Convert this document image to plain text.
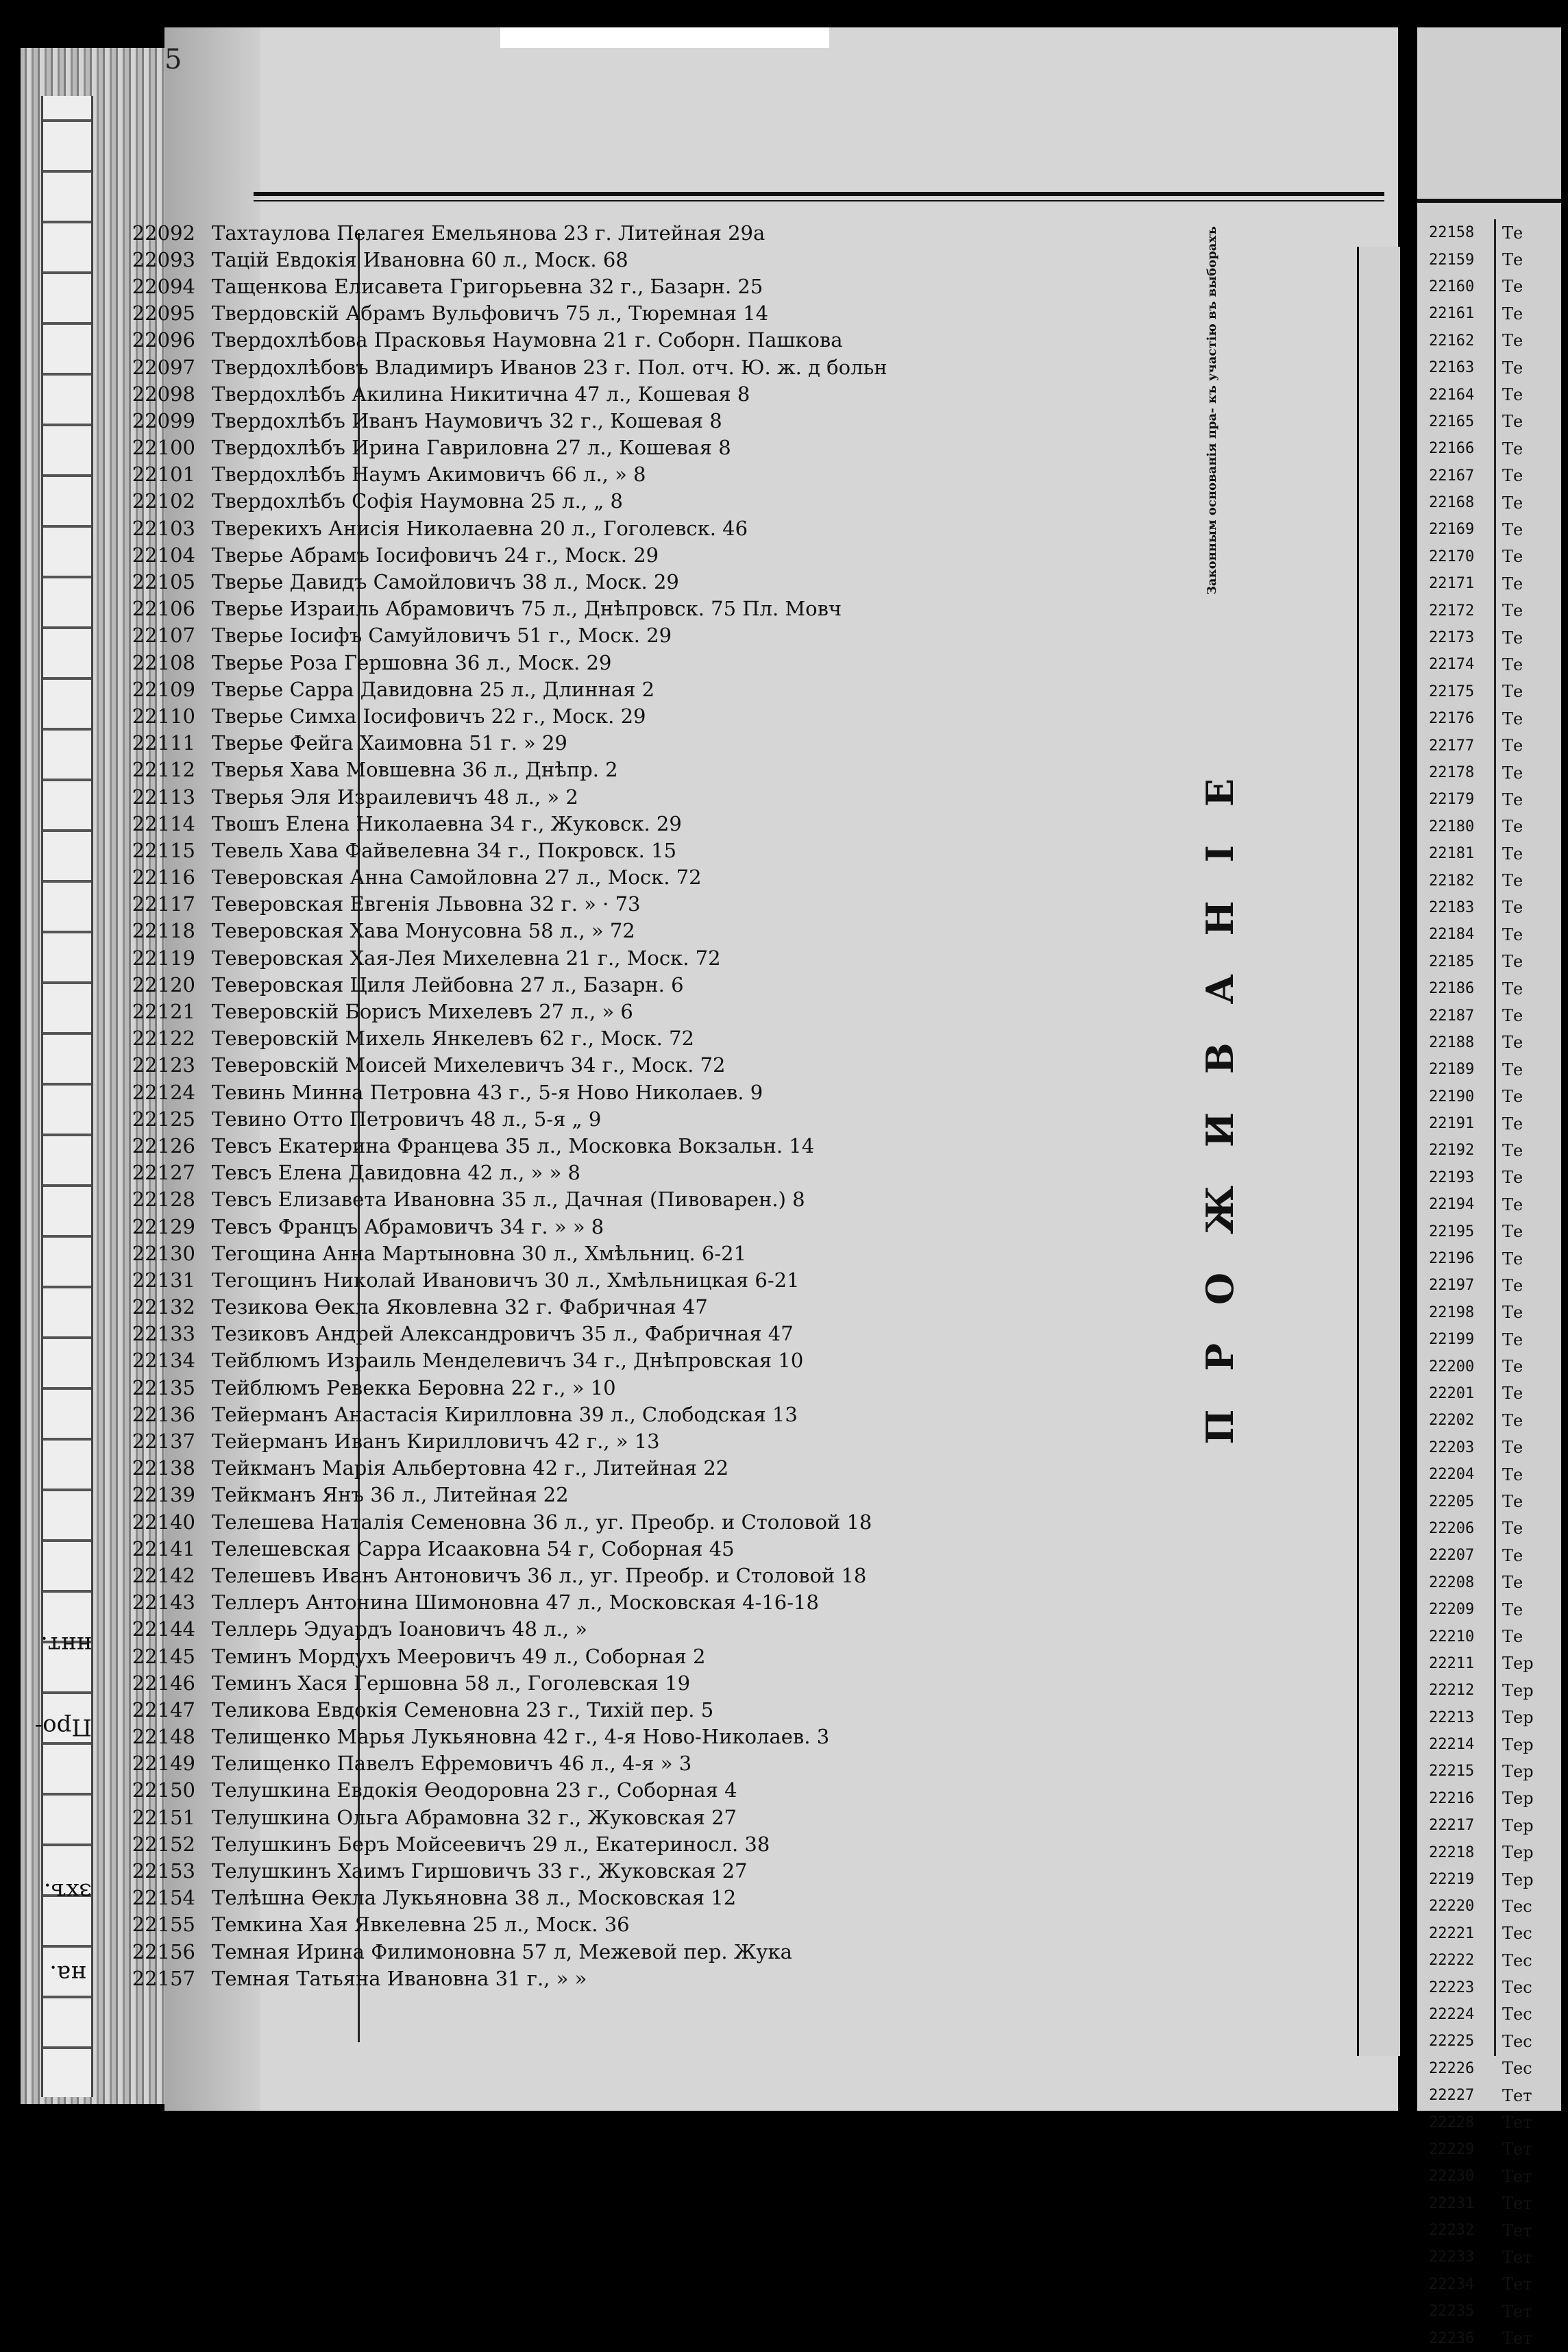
ннт.
Про-
зхъ.
на.
5
Законным основанія пра- къ участію въ выборахъ
ПРОЖИВАНІЕ
22092 Тахтаулова Пелагея Емельянова 23 г. Литейная 29а
22093 Тацій Евдокія Ивановна 60 л., Моск. 68
22094 Тащенкова Елисавета Григорьевна 32 г., Базарн. 25
22095 Твердовскій Абрамъ Вульфовичъ 75 л., Тюремная 14
22096 Твердохлѣбова Прасковья Наумовна 21 г. Соборн. Пашкова
22097 Твердохлѣбовъ Владимиръ Иванов 23 г. Пол. отч. Ю. ж. д больн
22098 Твердохлѣбъ Акилина Никитична 47 л., Кошевая 8
22099 Твердохлѣбъ Иванъ Наумовичъ 32 г., Кошевая 8
22100 Твердохлѣбъ Ирина Гавриловна 27 л., Кошевая 8
22101 Твердохлѣбъ Наумъ Акимовичъ 66 л., » 8
22102 Твердохлѣбъ Софія Наумовна 25 л., „ 8
22103 Тверекихъ Анисія Николаевна 20 л., Гоголевск. 46
22104 Тверье Абрамъ Іосифовичъ 24 г., Моск. 29
22105 Тверье Давидъ Самойловичъ 38 л., Моск. 29
22106 Тверье Израиль Абрамовичъ 75 л., Днѣпровск. 75 Пл. Мовч
22107 Тверье Іосифъ Самуйловичъ 51 г., Моск. 29
22108 Тверье Роза Гершовна 36 л., Моск. 29
22109 Тверье Сарра Давидовна 25 л., Длинная 2
22110 Тверье Симха Іосифовичъ 22 г., Моск. 29
22111 Тверье Фейга Хаимовна 51 г. » 29
22112 Тверья Хава Мовшевна 36 л., Днѣпр. 2
22113 Тверья Эля Израилевичъ 48 л., » 2
22114 Твошъ Елена Николаевна 34 г., Жуковск. 29
22115 Тевель Хава Файвелевна 34 г., Покровск. 15
22116 Теверовская Анна Самойловна 27 л., Моск. 72
22117 Теверовская Евгенія Львовна 32 г. » · 73
22118 Теверовская Хава Монусовна 58 л., » 72
22119 Теверовская Хая-Лея Михелевна 21 г., Моск. 72
22120 Теверовская Циля Лейбовна 27 л., Базарн. 6
22121 Теверовскій Борисъ Михелевъ 27 л., » 6
22122 Теверовскій Михель Янкелевъ 62 г., Моск. 72
22123 Теверовскій Моисей Михелевичъ 34 г., Моск. 72
22124 Тевинь Минна Петровна 43 г., 5-я Ново Николаев. 9
22125 Тевино Отто Петровичъ 48 л., 5-я „ 9
22126 Тевсъ Екатерина Францева 35 л., Московка Вокзальн. 14
22127 Тевсъ Елена Давидовна 42 л., » » 8
22128 Тевсъ Елизавета Ивановна 35 л., Дачная (Пивоварен.) 8
22129 Тевсъ Францъ Абрамовичъ 34 г. » » 8
22130 Тегощина Анна Мартыновна 30 л., Хмѣльниц. 6-21
22131 Тегощинъ Николай Ивановичъ 30 л., Хмѣльницкая 6-21
22132 Тезикова Ѳекла Яковлевна 32 г. Фабричная 47
22133 Тезиковъ Андрей Александровичъ 35 л., Фабричная 47
22134 Тейблюмъ Израиль Менделевичъ 34 г., Днѣпровская 10
22135 Тейблюмъ Ревекка Беровна 22 г., » 10
22136 Тейерманъ Анастасія Кирилловна 39 л., Слободская 13
22137 Тейерманъ Иванъ Кирилловичъ 42 г., » 13
22138 Тейкманъ Марія Альбертовна 42 г., Литейная 22
22139 Тейкманъ Янъ 36 л., Литейная 22
22140 Телешева Наталія Семеновна 36 л., уг. Преобр. и Столовой 18
22141 Телешевская Сарра Исааковна 54 г, Соборная 45
22142 Телешевъ Иванъ Антоновичъ 36 л., уг. Преобр. и Столовой 18
22143 Теллеръ Антонина Шимоновна 47 л., Московская 4-16-18
22144 Теллерь Эдуардъ Іоановичъ 48 л., »
22145 Теминъ Мордухъ Мееровичъ 49 л., Соборная 2
22146 Теминъ Хася Гершовна 58 л., Гоголевская 19
22147 Теликова Евдокія Семеновна 23 г., Тихій пер. 5
22148 Телищенко Марья Лукьяновна 42 г., 4-я Ново-Николаев. 3
22149 Телищенко Павелъ Ефремовичъ 46 л., 4-я » 3
22150 Телушкина Евдокія Ѳеодоровна 23 г., Соборная 4
22151 Телушкина Ольга Абрамовна 32 г., Жуковская 27
22152 Телушкинъ Беръ Мойсеевичъ 29 л., Екатериносл. 38
22153 Телушкинъ Хаимъ Гиршовичъ 33 г., Жуковская 27
22154 Телѣшна Ѳекла Лукьяновна 38 л., Московская 12
22155 Темкина Хая Явкелевна 25 л., Моск. 36
22156 Темная Ирина Филимоновна 57 л, Межевой пер. Жука
22157 Темная Татьяна Ивановна 31 г., » »
22158	Те
22159	Те
22160	Те
22161	Те
22162	Те
22163	Те
22164	Те
22165	Те
22166	Те
22167	Те
22168	Те
22169	Те
22170	Те
22171	Те
22172	Те
22173	Те
22174	Те
22175	Те
22176	Те
22177	Те
22178	Те
22179	Те
22180	Те
22181	Те
22182	Те
22183	Те
22184	Те
22185	Те
22186	Те
22187	Те
22188	Те
22189	Те
22190	Те
22191	Те
22192	Те
22193	Те
22194	Те
22195	Те
22196	Те
22197	Те
22198	Те
22199	Те
22200	Те
22201	Те
22202	Те
22203	Те
22204	Те
22205	Те
22206	Те
22207	Те
22208	Те
22209	Те
22210	Те
22211	Тер
22212	Тер
22213	Тер
22214	Тер
22215	Тер
22216	Тер
22217	Тер
22218	Тер
22219	Тер
22220	Тес
22221	Тес
22222	Тес
22223	Тес
22224	Тес
22225	Тес
22226	Тес
22227	Тет
22228	Тет
22229	Тет
22230	Тет
22231	Тет
22232	Тет
22233	Тет
22234	Тет
22235	Тет
22236	Тет
